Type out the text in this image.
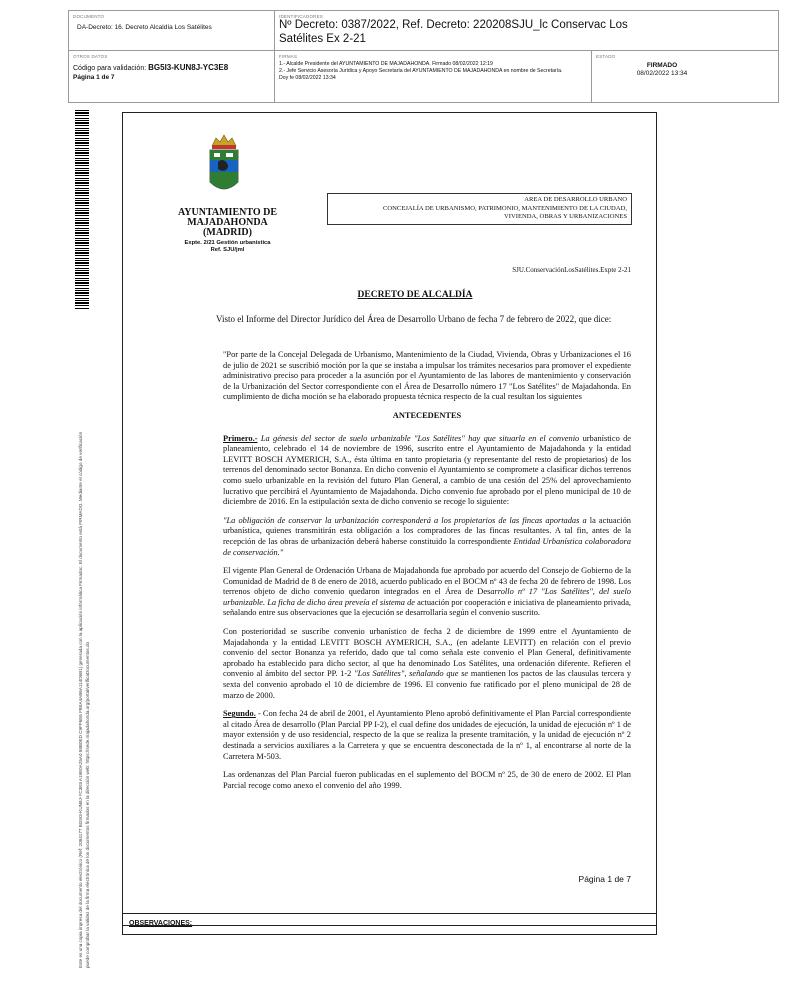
DOCUMENTO
DA-Decreto: 16. Decreto Alcaldía Los Satélites
IDENTIFICADORES
Nº Decreto: 0387/2022, Ref. Decreto: 220208SJU_lc Conservac Los Satélites Ex 2-21
OTROS DATOS
Código para validación: BG5I3-KUN8J-YC3E8
Página 1 de 7
FIRMAS
1.- Alcalde Presidente del AYUNTAMIENTO DE MAJADAHONDA. Firmado 08/02/2022 12:19
2.- Jefe Servicio Asesoría Jurídica y Apoyo Secretaría del AYUNTAMIENTO DE MAJADAHONDA en nombre de Secretaría. Doy fe 08/02/2022 13:34
ESTADO
FIRMADO
08/02/2022 13:34
Este es una copia impresa del documento electrónico (Ref: 2084177 BG5I3-KUN8J-YC3E8 A19E0A25A0 58B0ED C9FF6E6 F8EA4AB6A114D6B1) generada con la aplicación informática Firmadoc. El documento está FIRMADO. Mediante el código de verificación puede comprobar la validez de la firma electrónica de los documentos firmados en la dirección web: https://sede.majadahonda.org/portal/verificaDocumentos.do
AYUNTAMIENTO DE
MAJADAHONDA
(MADRID)
Expte. 2/21 Gestión urbanística
Ref. SJU/jml
AREA DE DESARROLLO URBANO
CONCEJALÍA DE URBANISMO, PATRIMONIO, MANTENIMIENTO DE LA CIUDAD,
VIVIENDA, OBRAS Y URBANIZACIONES
SJU.ConservaciónLosSatélites.Expte 2-21
DECRETO DE ALCALDÍA
Visto el Informe del Director Jurídico del Área de Desarrollo Urbano de fecha 7 de febrero de 2022, que dice:

"Por parte de la Concejal Delegada de Urbanismo, Mantenimiento de la Ciudad, Vivienda, Obras y Urbanizaciones el 16 de julio de 2021 se suscribió moción por la que se instaba a impulsar los trámites necesarios para promover el expediente administrativo preciso para proceder a la asunción por el Ayuntamiento de las labores de mantenimiento y conservación de la Urbanización del Sector correspondiente con el Área de Desarrollo número 17 "Los Satélites" de Majadahonda. En cumplimiento de dicha moción se ha elaborado propuesta técnica respecto de la cual resultan los siguientes

ANTECEDENTES

Primero.- La génesis del sector de suelo urbanizable "Los Satélites" hay que situarla en el convenio urbanístico de planeamiento, celebrado el 14 de noviembre de 1996, suscrito entre el Ayuntamiento de Majadahonda y la entidad LEVITT BOSCH AYMERICH, S.A., ésta última en tanto propietaria (y representante del resto de propietarios) de los terrenos del denominado sector Bonanza. En dicho convenio el Ayuntamiento se compromete a clasificar dichos terrenos como suelo urbanizable en la revisión del futuro Plan General, a cambio de una cesión del 25% del aprovechamiento lucrativo que percibirá el Ayuntamiento de Majadahonda. Dicho convenio fue aprobado por el pleno municipal de 10 de diciembre de 2016. En la estipulación sexta de dicho convenio se recoge lo siguiente:

"La obligación de conservar la urbanización corresponderá a los propietarios de las fincas aportadas a la actuación urbanística, quienes transmitirán esta obligación a los compradores de las fincas resultantes. A tal fin, antes de la recepción de las obras de urbanización deberá haberse constituido la correspondiente Entidad Urbanística colaboradora de conservación."

El vigente Plan General de Ordenación Urbana de Majadahonda fue aprobado por acuerdo del Consejo de Gobierno de la Comunidad de Madrid de 8 de enero de 2018, acuerdo publicado en el BOCM nº 43 de fecha 20 de febrero de 1998. Los terrenos objeto de dicho convenio quedaron integrados en el Área de Desarrollo nº 17 "Los Satélites", del suelo urbanizable. La ficha de dicho área preveía el sistema de actuación por cooperación e iniciativa de planeamiento privada, señalando entre sus observaciones que la ejecución se desarrollaría según el convenio suscrito.

Con posterioridad se suscribe convenio urbanístico de fecha 2 de diciembre de 1999 entre el Ayuntamiento de Majadahonda y la entidad LEVITT BOSCH AYMERICH, S.A., (en adelante LEVITT) en relación con el previo convenio del sector Bonanza ya referido, dado que tal como señala este convenio el Plan General, definitivamente aprobado ha establecido para dicho sector, al que ha denominado Los Satélites, una ordenación diferente. Refieren el convenio al ámbito del sector PP. 1-2 "Los Satélites", señalando que se mantienen los pactos de las clausulas tercera y sexta del convenio aprobado el 10 de diciembre de 1996. El convenio fue ratificado por el pleno municipal de 28 de marzo de 2000.

Segundo. - Con fecha 24 de abril de 2001, el Ayuntamiento Pleno aprobó definitivamente el Plan Parcial correspondiente al citado Área de desarrollo (Plan Parcial PP I-2), el cual define dos unidades de ejecución, la unidad de ejecución nº 1 de mayor extensión y de uso residencial, respecto de la que se realiza la presente tramitación, y la unidad de ejecución nº 2 destinada a servicios auxiliares a la Carretera y que se encuentra desconectada de la nº 1, al encontrarse al norte de la Carretera M-503.

Las ordenanzas del Plan Parcial fueron publicadas en el suplemento del BOCM nº 25, de 30 de enero de 2002. El Plan Parcial recoge como anexo el convenio del año 1999.

Página 1 de 7
OBSERVACIONES:
